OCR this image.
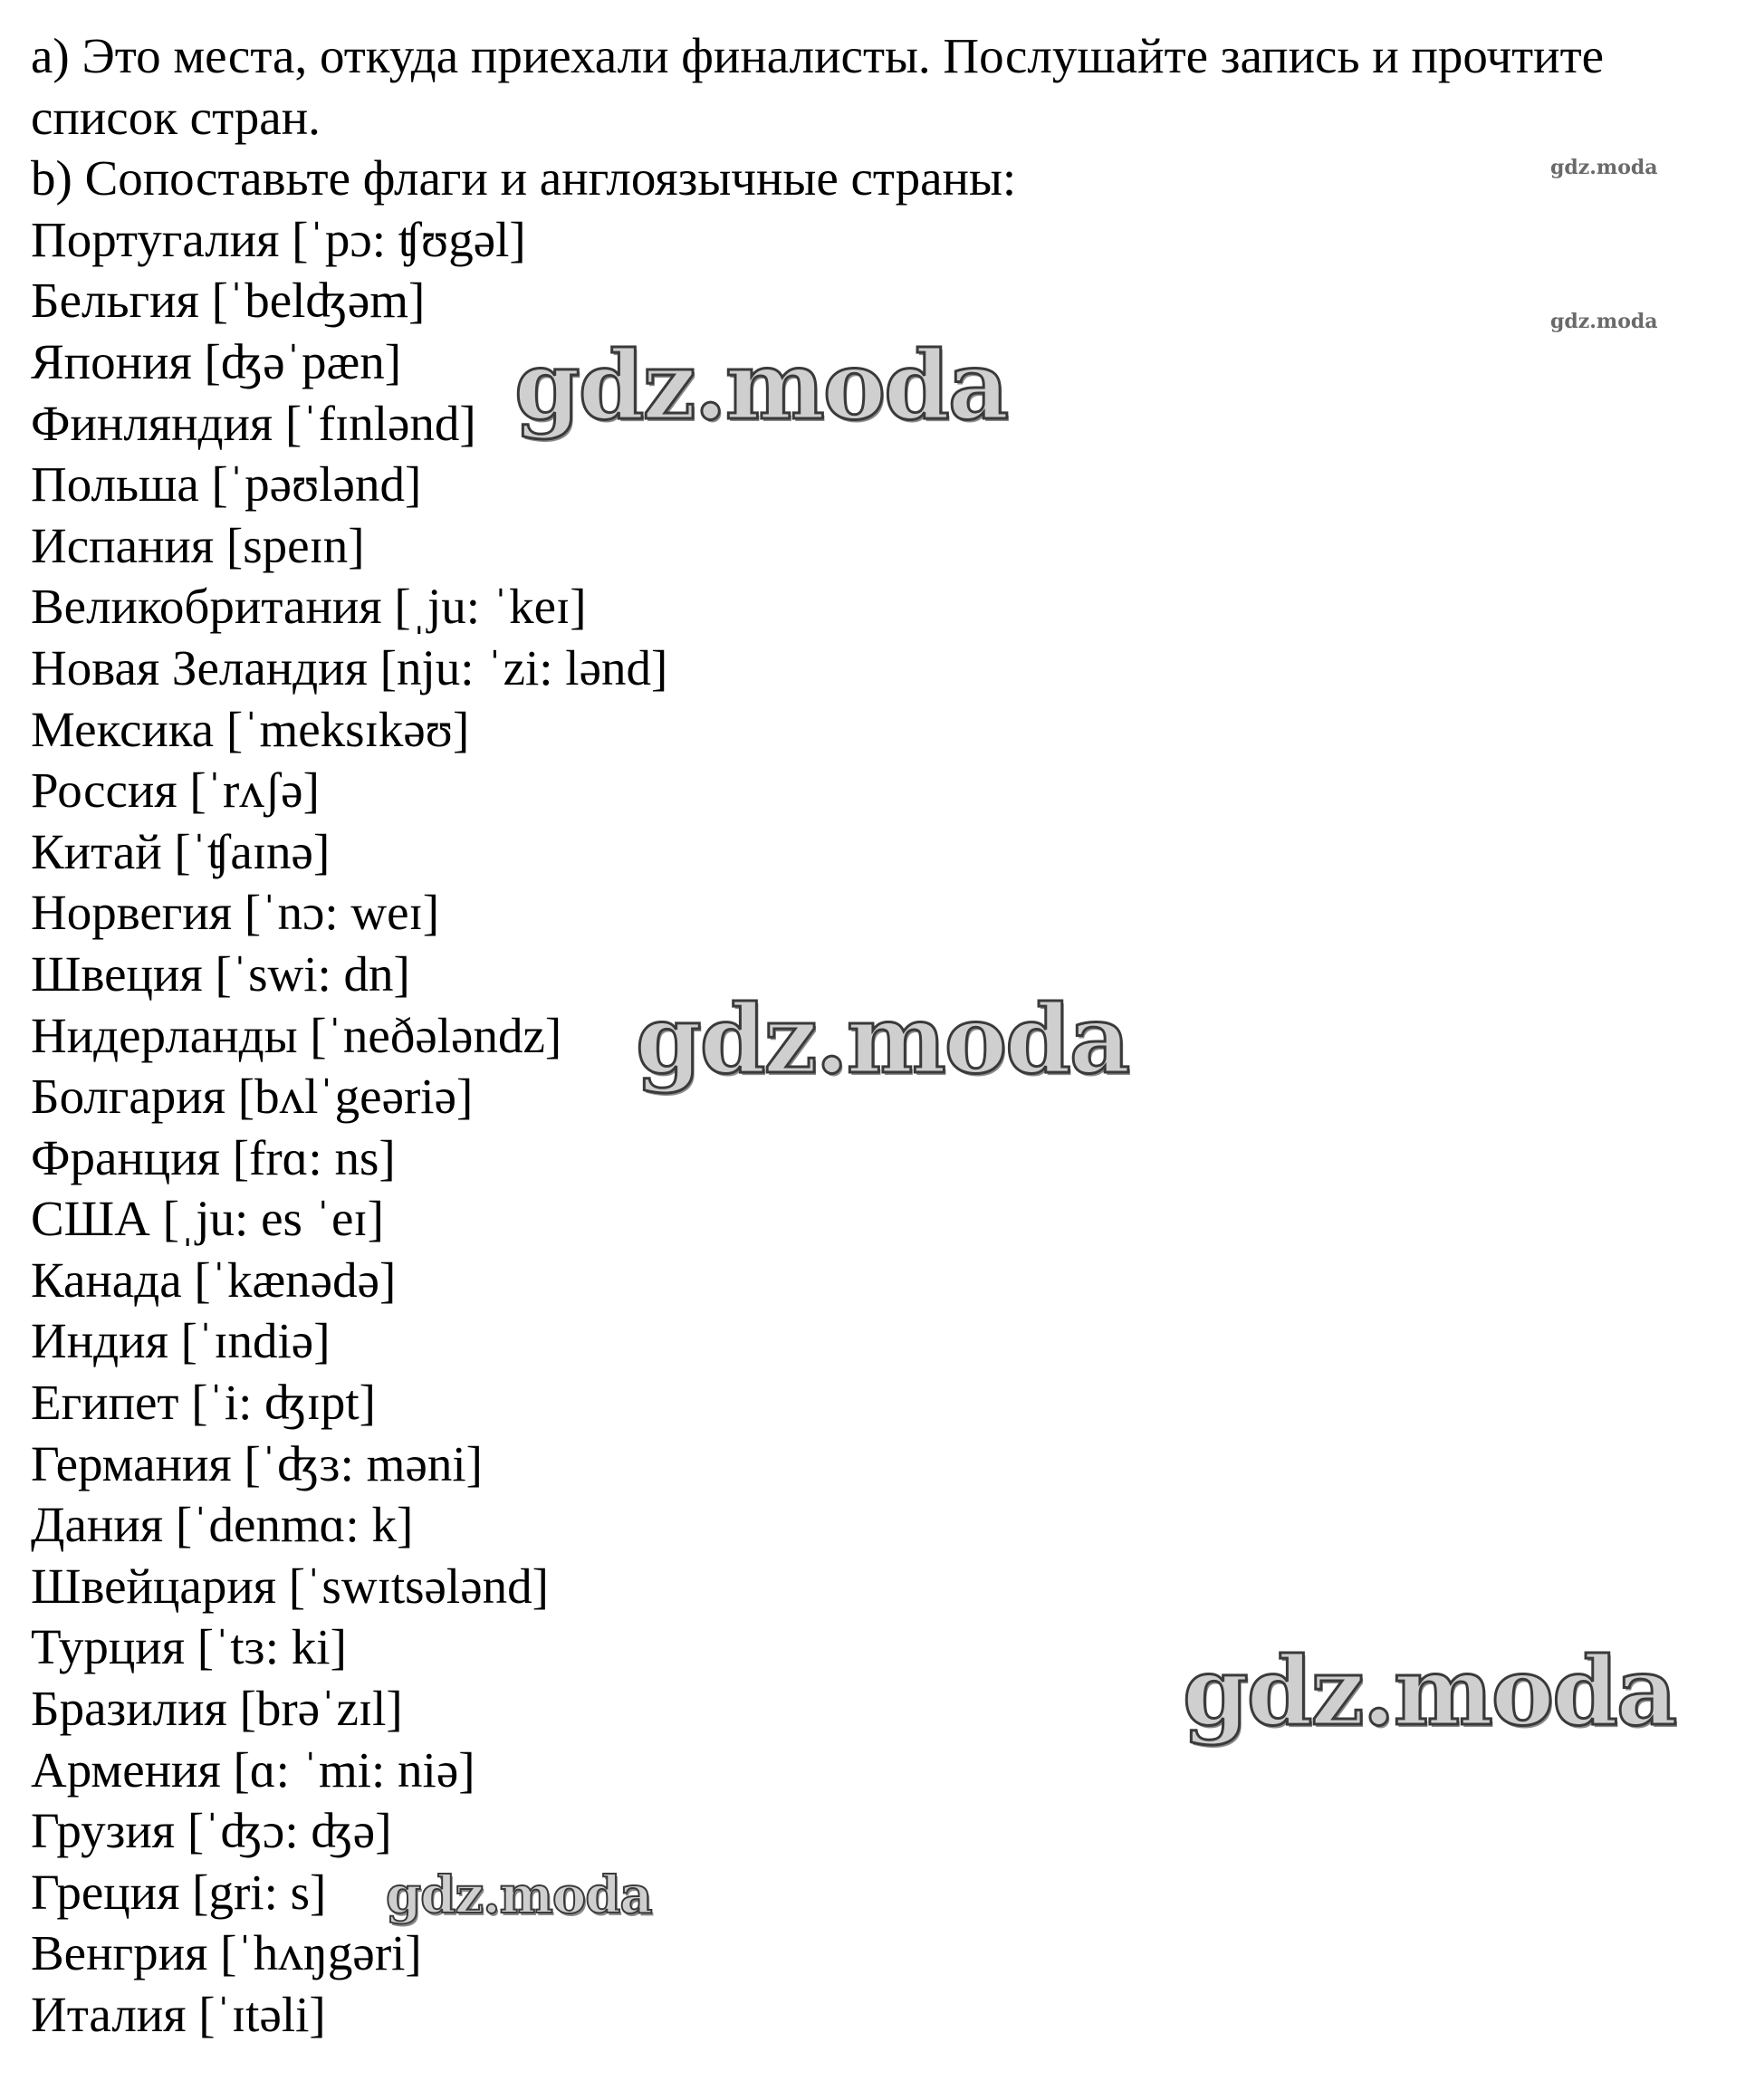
a) Это места, откуда приехали финалисты. Послушайте запись и прочтите
список стран.
b) Сопоставьте флаги и англоязычные страны:
Португалия [ˈpɔ: ʧʊgəl]
Бельгия [ˈbelʤəm]
Япония [ʤəˈpæn]
Финляндия [ˈfɪnlənd]
Польша [ˈpəʊlənd]
Испания [speɪn]
Великобритания [ˌju: ˈkeɪ]
Новая Зеландия [nju: ˈzi: lənd]
Мексика [ˈmeksɪkəʊ]
Россия [ˈrʌʃə]
Китай [ˈʧaɪnə]
Норвегия [ˈnɔ: weɪ]
Швеция [ˈswi: dn]
Нидерланды [ˈneðələndz]
Болгария [bʌlˈgeəriə]
Франция [frɑ: ns]
США [ˌju: es ˈeɪ]
Канада [ˈkænədə]
Индия [ˈɪndiə]
Египет [ˈi: ʤɪpt]
Германия [ˈʤɜ: məni]
Дания [ˈdenmɑ: k]
Швейцария [ˈswɪtsələnd]
Турция [ˈtɜ: ki]
Бразилия [brəˈzɪl]
Армения [ɑ: ˈmi: niə]
Грузия [ˈʤɔ: ʤə]
Греция [gri: s]
Венгрия [ˈhʌŋgəri]
Италия [ˈɪtəli]
gdz.moda
gdz.moda
gdz.moda
gdz.moda
gdz.moda
gdz.moda
